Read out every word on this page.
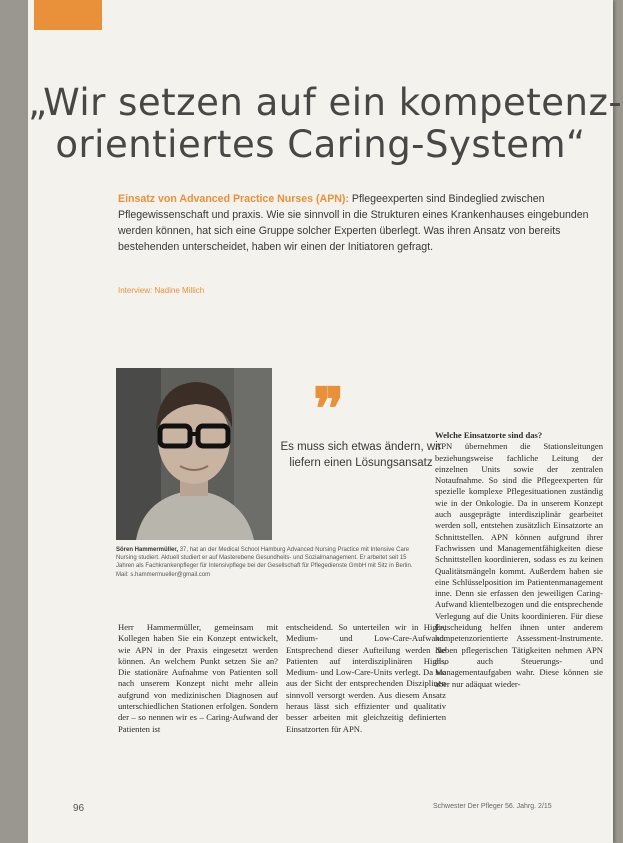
„Wir setzen auf ein kompetenz-
orientiertes Caring-System“
Einsatz von Advanced Practice Nurses (APN): Pflegeexperten sind Bindeglied zwischen Pflegewissenschaft und praxis. Wie sie sinnvoll in die Strukturen eines Krankenhauses eingebunden werden können, hat sich eine Gruppe solcher Experten überlegt. Was ihren Ansatz von bereits bestehenden unterscheidet, haben wir einen der Initiatoren gefragt.
Interview: Nadine Millich
Sören Hammermüller, 37, hat an der Medical School Hamburg Advanced Nursing Practice mit Intensive Care Nursing studiert. Aktuell studiert er auf Masterebene Gesundheits- und Sozialmanagement. Er arbeitet seit 15 Jahren als Fachkrankenpfleger für Intensivpflege bei der Gesellschaft für Pflegedienste GmbH mit Sitz in Berlin. Mail: s.hammermueller@gmail.com
❞
Es muss sich etwas ändern, wir liefern einen Lösungsansatz

Herr Hammermüller, gemeinsam mit Kollegen haben Sie ein Konzept entwickelt, wie APN in der Praxis eingesetzt werden können. An welchem Punkt setzen Sie an? Die stationäre Aufnahme von Patienten soll nach unserem Konzept nicht mehr allein aufgrund von medizinischen Diagnosen auf unterschiedlichen Stationen erfolgen. Sondern der – so nennen wir es – Caring-Aufwand der Patienten ist

entscheidend. So unterteilen wir in High-, Medium- und Low-Care-Aufwand. Entsprechend dieser Aufteilung werden die Patienten auf interdisziplinären High-, Medium- und Low-Care-Units verlegt. Da wo aus der Sicht der entsprechenden Disziplinen sinnvoll versorgt werden. Aus diesem Ansatz heraus lässt sich effizienter und qualitativ besser arbeiten mit gleichzeitig definierten Einsatzorten für APN.

Welche Einsatzorte sind das?

APN übernehmen die Stationsleitungen beziehungsweise fachliche Leitung der einzelnen Units sowie der zentralen Notaufnahme. So sind die Pflegeexperten für spezielle komplexe Pflegesituationen zuständig wie in der Onkologie. Da in unserem Konzept auch ausgeprägte interdisziplinär gearbeitet werden soll, entstehen zusätzlich Einsatzorte an Schnittstellen. APN können aufgrund ihrer Fachwissen und Managementfähigkeiten diese Schnittstellen koordinieren, sodass es zu keinen Qualitätsmängeln kommt. Außerdem haben sie eine Schlüsselposition im Patientenmanagement inne. Denn sie erfassen den jeweiligen Caring-Aufwand klientelbezogen und die entsprechende Verlegung auf die Units koordinieren. Für diese Entscheidung helfen ihnen unter anderem kompetenzorientierte Assessment-Instrumente. Neben pflegerischen Tätigkeiten nehmen APN also auch Steuerungs- und Managementaufgaben wahr. Diese können sie aber nur adäquat wieder-

96	Schwester Der Pfleger 56. Jahrg. 2/15
